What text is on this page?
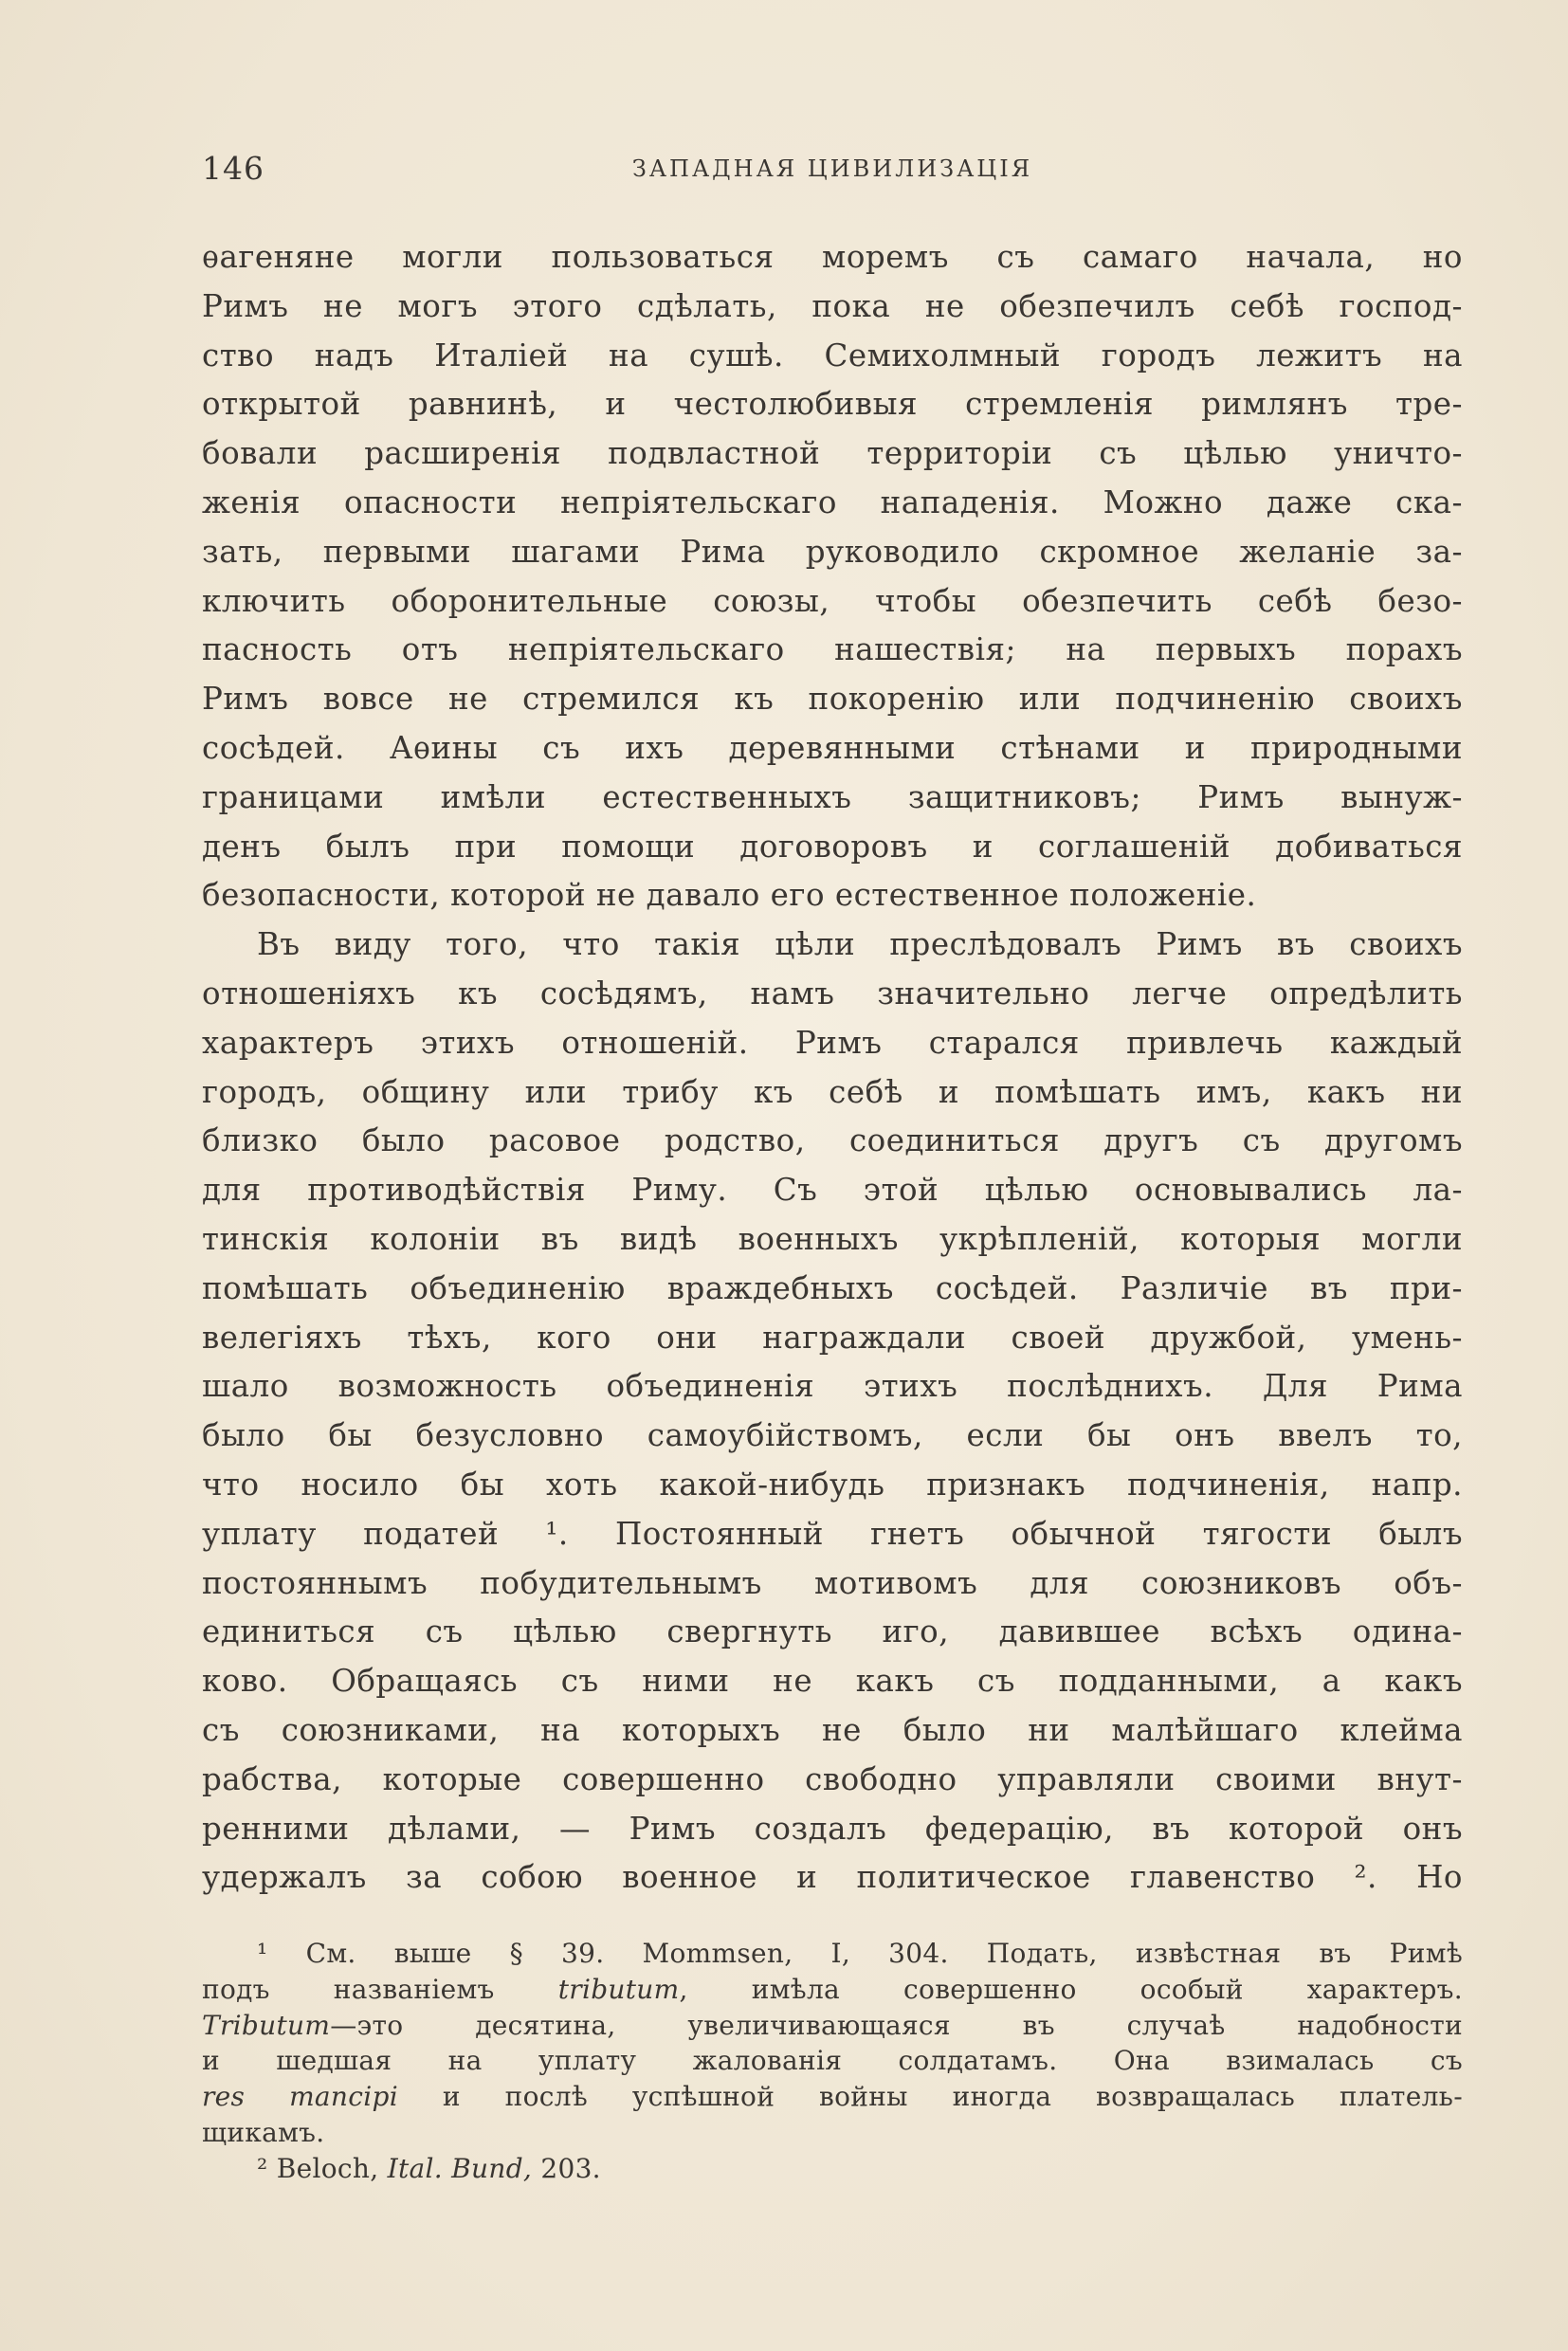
146	ЗАПАДНАЯ ЦИВИЛИЗАЦІЯ
ѳагеняне могли пользоваться моремъ съ самаго начала, но
Римъ не могъ этого сдѣлать, пока не обезпечилъ себѣ господ-
ство надъ Италіей на сушѣ. Семихолмный городъ лежитъ на
открытой равнинѣ, и честолюбивыя стремленія римлянъ тре-
бовали расширенія подвластной территоріи съ цѣлью уничто-
женія опасности непріятельскаго нападенія. Можно даже ска-
зать, первыми шагами Рима руководило скромное желаніе за-
ключить оборонительные союзы, чтобы обезпечить себѣ безо-
пасность отъ непріятельскаго нашествія; на первыхъ порахъ
Римъ вовсе не стремился къ покоренію или подчиненію своихъ
сосѣдей. Аѳины съ ихъ деревянными стѣнами и природными
границами имѣли естественныхъ защитниковъ; Римъ вынуж-
денъ былъ при помощи договоровъ и соглашеній добиваться
безопасности, которой не давало его естественное положеніе.
Въ виду того, что такія цѣли преслѣдовалъ Римъ въ своихъ
отношеніяхъ къ сосѣдямъ, намъ значительно легче опредѣлить
характеръ этихъ отношеній. Римъ старался привлечь каждый
городъ, общину или трибу къ себѣ и помѣшать имъ, какъ ни
близко было расовое родство, соединиться другъ съ другомъ
для противодѣйствія Риму. Съ этой цѣлью основывались ла-
тинскія колоніи въ видѣ военныхъ укрѣпленій, которыя могли
помѣшать объединенію враждебныхъ сосѣдей. Различіе въ при-
велегіяхъ тѣхъ, кого они награждали своей дружбой, умень-
шало возможность объединенія этихъ послѣднихъ. Для Рима
было бы безусловно самоубійствомъ, если бы онъ ввелъ то,
что носило бы хоть какой-нибудь признакъ подчиненія, напр.
уплату податей ¹. Постоянный гнетъ обычной тягости былъ
постояннымъ побудительнымъ мотивомъ для союзниковъ объ-
единиться съ цѣлью свергнуть иго, давившее всѣхъ одина-
ково. Обращаясь съ ними не какъ съ подданными, а какъ
съ союзниками, на которыхъ не было ни малѣйшаго клейма
рабства, которые совершенно свободно управляли своими внут-
ренними дѣлами, — Римъ создалъ федерацію, въ которой онъ
удержалъ за собою военное и политическое главенство ². Но
¹ См. выше § 39. Mommsen, I, 304. Подать, извѣстная въ Римѣ
подъ названіемъ tributum, имѣла совершенно особый характеръ.
Tributum—это десятина, увеличивающаяся въ случаѣ надобности
и шедшая на уплату жалованія солдатамъ. Она взималась съ
res mancipi и послѣ успѣшной войны иногда возвращалась платель-
щикамъ.
² Beloch, Ital. Bund, 203.
